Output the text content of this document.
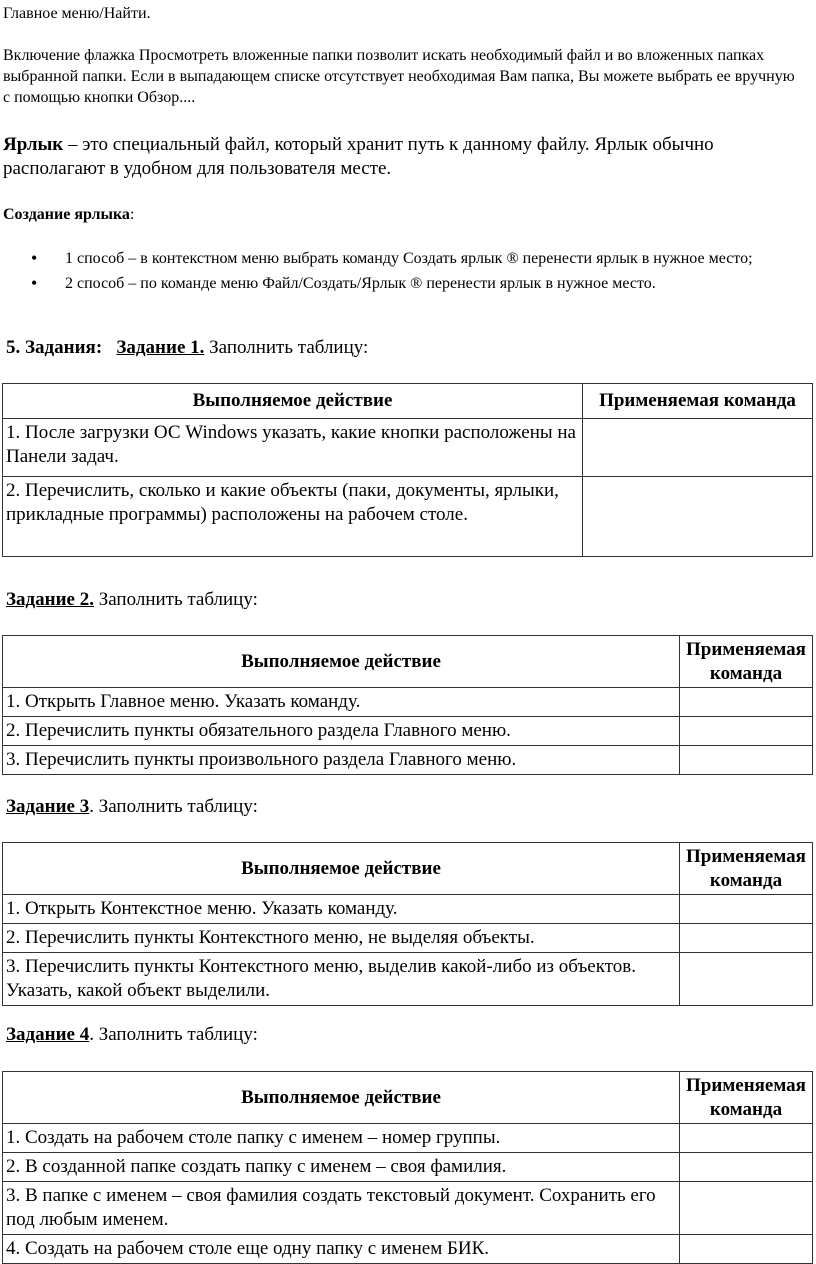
Главное меню/Найти.
Включение флажка Просмотреть вложенные папки позволит искать необходимый файл и во вложенных папках выбранной папки. Если в выпадающем списке отсутствует необходимая Вам папка, Вы можете выбрать ее вручную с помощью кнопки Обзор....
Ярлык – это специальный файл, который хранит путь к данному файлу. Ярлык обычно располагают в удобном для пользователя месте.
Создание ярлыка:
• 1 способ – в контекстном меню выбрать команду Создать ярлык ® перенести ярлык в нужное место;
• 2 способ – по команде меню Файл/Создать/Ярлык ® перенести ярлык в нужное место.
5. Задания: Задание 1. Заполнить таблицу:
Выполняемое действие	Применяемая команда
1. После загрузки ОС Windows указать, какие кнопки расположены на Панели задач.	
2. Перечислить, сколько и какие объекты (паки, документы, ярлыки, прикладные программы) расположены на рабочем столе.	
Задание 2. Заполнить таблицу:
Выполняемое действие	Применяемая команда
1. Открыть Главное меню. Указать команду.	
2. Перечислить пункты обязательного раздела Главного меню.	
3. Перечислить пункты произвольного раздела Главного меню.	
Задание 3. Заполнить таблицу:
Выполняемое действие	Применяемая команда
1. Открыть Контекстное меню. Указать команду.	
2. Перечислить пункты Контекстного меню, не выделяя объекты.	
3. Перечислить пункты Контекстного меню, выделив какой-либо из объектов. Указать, какой объект выделили.	
Задание 4. Заполнить таблицу:
Выполняемое действие	Применяемая команда
1. Создать на рабочем столе папку с именем – номер группы.	
2. В созданной папке создать папку с именем – своя фамилия.	
3. В папке с именем – своя фамилия создать текстовый документ. Сохранить его под любым именем.	
4. Создать на рабочем столе еще одну папку с именем БИК.	
